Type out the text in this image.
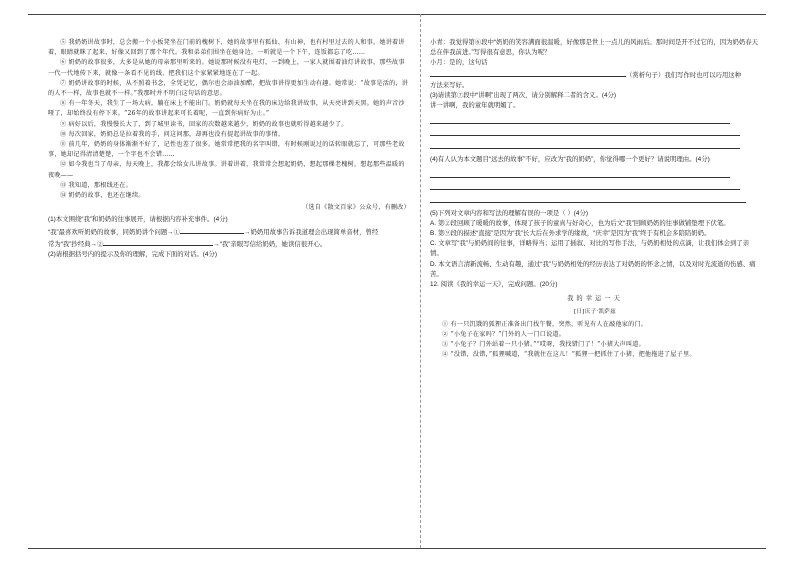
⑤ 我奶奶讲故事时，总会搬一个小板凳坐在门前的槐树下，她的故事里有狐仙、有山神，也有村里过去的人和事。她讲着讲着，眼睛就眯了起来，好像又回到了那个年代。我和弟弟们围坐在她身边，一听就是一个下午，连饭都忘了吃……

⑥ 奶奶的故事很多，大多是从她的母亲那里听来的。她说那时候没有电灯，一到晚上，一家人就围着油灯讲故事，那些故事一代一代地传下来，就像一条看不见的线，把我们这个家紧紧地连在了一起。

⑦ 奶奶讲故事的时候，从不照着书念，全凭记忆，偶尔也会添油加醋，把故事讲得更加生动有趣。她常说：“故事是活的，讲的人不一样，故事也就不一样。”我那时并不明白这句话的意思。

⑧ 有一年冬天，我生了一场大病，躺在床上不能出门。奶奶就每天坐在我的床边给我讲故事，从天亮讲到天黑。她的声音沙哑了，却始终没有停下来。“26年的故事讲起来可长着呢，一直到你病好为止。”

⑨ 病好以后，我慢慢长大了，到了城里读书，回家的次数越来越少，奶奶的故事也就听得越来越少了。

⑩ 每次回家，奶奶总是拉着我的手，问这问那，却再也没有提起讲故事的事情。

⑪ 前几年，奶奶的身体渐渐不好了，记性也差了很多。她常常把我的名字叫错，有时候刚说过的话转眼就忘了，可那些老故事，她却记得清清楚楚，一个字也不会错……

⑫ 如今我也当了母亲，每天晚上，我都会给女儿讲故事。讲着讲着，我常常会想起奶奶，想起那棵老槐树，想起那些温暖的夜晚——

⑬ 我知道，那根线还在。

⑭ 奶奶的故事，也还在继续。

（选自《散文百家》公众号，有删改）

(1)本文围绕“我”和奶奶的往事展开，请根据内容补充事件。(4分)

“我”最喜欢听奶奶的故事，同奶奶讲个问题→①	→奶奶用故事告诉我道理会出现简单音材，曾经

常为“我”抄经典→②	→“我”亲眼写信给奶奶，她读信很开心。

(2)请根据括号内的提示及你的理解，完成下面的对话。(4分)

小青：我觉得第⑥段中“奶奶的笑容满面很温暖，好像那是世上一点儿的风雨后。那时间是开不过它的，因为奶奶春天总在伴我前进。”写得很有意思，你认为呢？

小月：是的，这句话

（赏析句子）我们写作时也可以巧用这种

方法来写好。

(3)请读第⑦段中“讲啊”出现了两次，请分别解释二者的含义。(4分)

讲一讲啊，我的童年就明媚了。

(4)有人认为本文题目“远去的故事”不好，应改为“我的奶奶”，你觉得哪一个更好？请说明理由。(4分)

(5)下列对文章内容和写法的理解有误的一项是（ ）(4分)

A. 第②段回顾了暖暖的故事，体现了孩子的童真与好奇心，也为后文“我”回顾奶奶的往事做铺垫埋下伏笔。

B. 第⑨段的描述“直接”是因为“我”长大后在外求学的缘故，“庆幸”是因为“我”终于有机会多陪陪奶奶。

C. 文章写“我”与奶奶间的往事，详略得当；运用了插叙、对比的写作手法，与奶奶相处的点滴，让我们体会到了亲情。

D. 本文语言清新流畅、生动有趣，通过“我”与奶奶相处的经历表达了对奶奶的怀念之情，以及对时光流逝的伤感、痛苦。

12. 阅读《我的幸运一天》，完成问题。(20分)

我的幸运一天

[日]庆子·凯萨兹

① 有一只饥饿的狐狸正准备出门找午餐，突然，听见有人在敲他家的门。

② “小兔子在家吗？”门外的人一门口说道。

③ “小兔子？门外站着一只小猪。”“哎呀，我找错门了！”小猪大声叫道。

④ “没错，没错，”狐狸喊道，“我就住在这儿！”狐狸一把抓住了小猪，把他拖进了屋子里。
